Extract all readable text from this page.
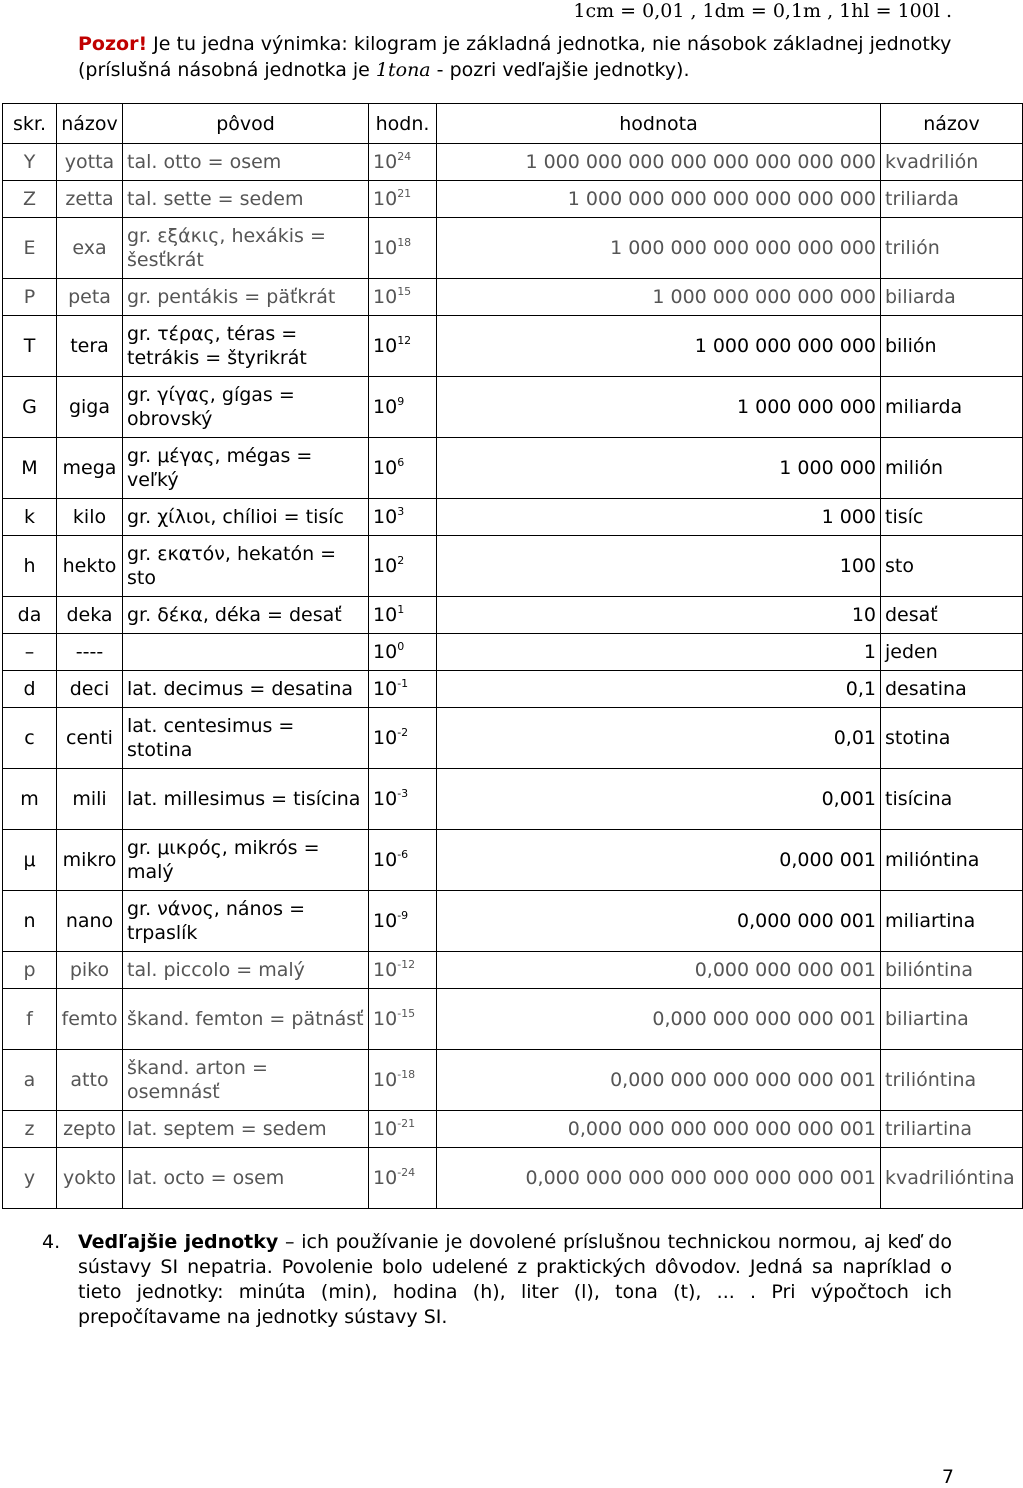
1cm = 0,01 , 1dm = 0,1m , 1hl = 100l .
Pozor! Je tu jedna výnimka: kilogram je základná jednotka, nie násobok základnej jednotky (príslušná násobná jednotka je 1tona - pozri vedľajšie jednotky).
skr.	názov	pôvod	hodn.	hodnota	názov
Y	yotta	tal. otto = osem	$10^{24}$	1 000 000 000 000 000 000 000 000	kvadrilión
Z	zetta	tal. sette = sedem	$10^{21}$	1 000 000 000 000 000 000 000	triliarda
E	exa	gr. εξάκις, hexákis = šesťkrát	$10^{18}$	1 000 000 000 000 000 000	trilión
P	peta	gr. pentákis = päťkrát	$10^{15}$	1 000 000 000 000 000	biliarda
T	tera	gr. τέρας, téras = tetrákis = štyrikrát	$10^{12}$	1 000 000 000 000	bilión
G	giga	gr. γίγας, gígas = obrovský	$10^9$	1 000 000 000	miliarda
M	mega	gr. μέγας, mégas = veľký	$10^6$	1 000 000	milión
k	kilo	gr. χίλιοι, chílioi = tisíc	$10^3$	1 000	tisíc
h	hekto	gr. εκατόν, hekatón = sto	$10^2$	100	sto
da	deka	gr. δέκα, déka = desať	$10^1$	10	desať
–	----		$10^0$	1	jeden
d	deci	lat. decimus = desatina	$10^{-1}$	0,1	desatina
c	centi	lat. centesimus = stotina	$10^{-2}$	0,01	stotina
m	mili	lat. millesimus = tisícina	$10^{-3}$	0,001	tisícina
μ	mikro	gr. μικρός, mikrós = malý	$10^{-6}$	0,000 001	milióntina
n	nano	gr. νάνος, nános = trpaslík	$10^{-9}$	0,000 000 001	miliartina
p	piko	tal. piccolo = malý	$10^{-12}$	0,000 000 000 001	bilióntina
f	femto	škand. femton = pätnásť	$10^{-15}$	0,000 000 000 000 001	biliartina
a	atto	škand. arton = osemnásť	$10^{-18}$	0,000 000 000 000 000 001	trilióntina
z	zepto	lat. septem = sedem	$10^{-21}$	0,000 000 000 000 000 000 001	triliartina
y	yokto	lat. octo = osem	$10^{-24}$	0,000 000 000 000 000 000 000 001	kvadrilióntina
4. Vedľajšie jednotky – ich používanie je dovolené príslušnou technickou normou, aj keď do sústavy SI nepatria. Povolenie bolo udelené z praktických dôvodov. Jedná sa napríklad o tieto jednotky: minúta (min), hodina (h), liter (l), tona (t), ... . Pri výpočtoch ich prepočítavame na jednotky sústavy SI.
7
